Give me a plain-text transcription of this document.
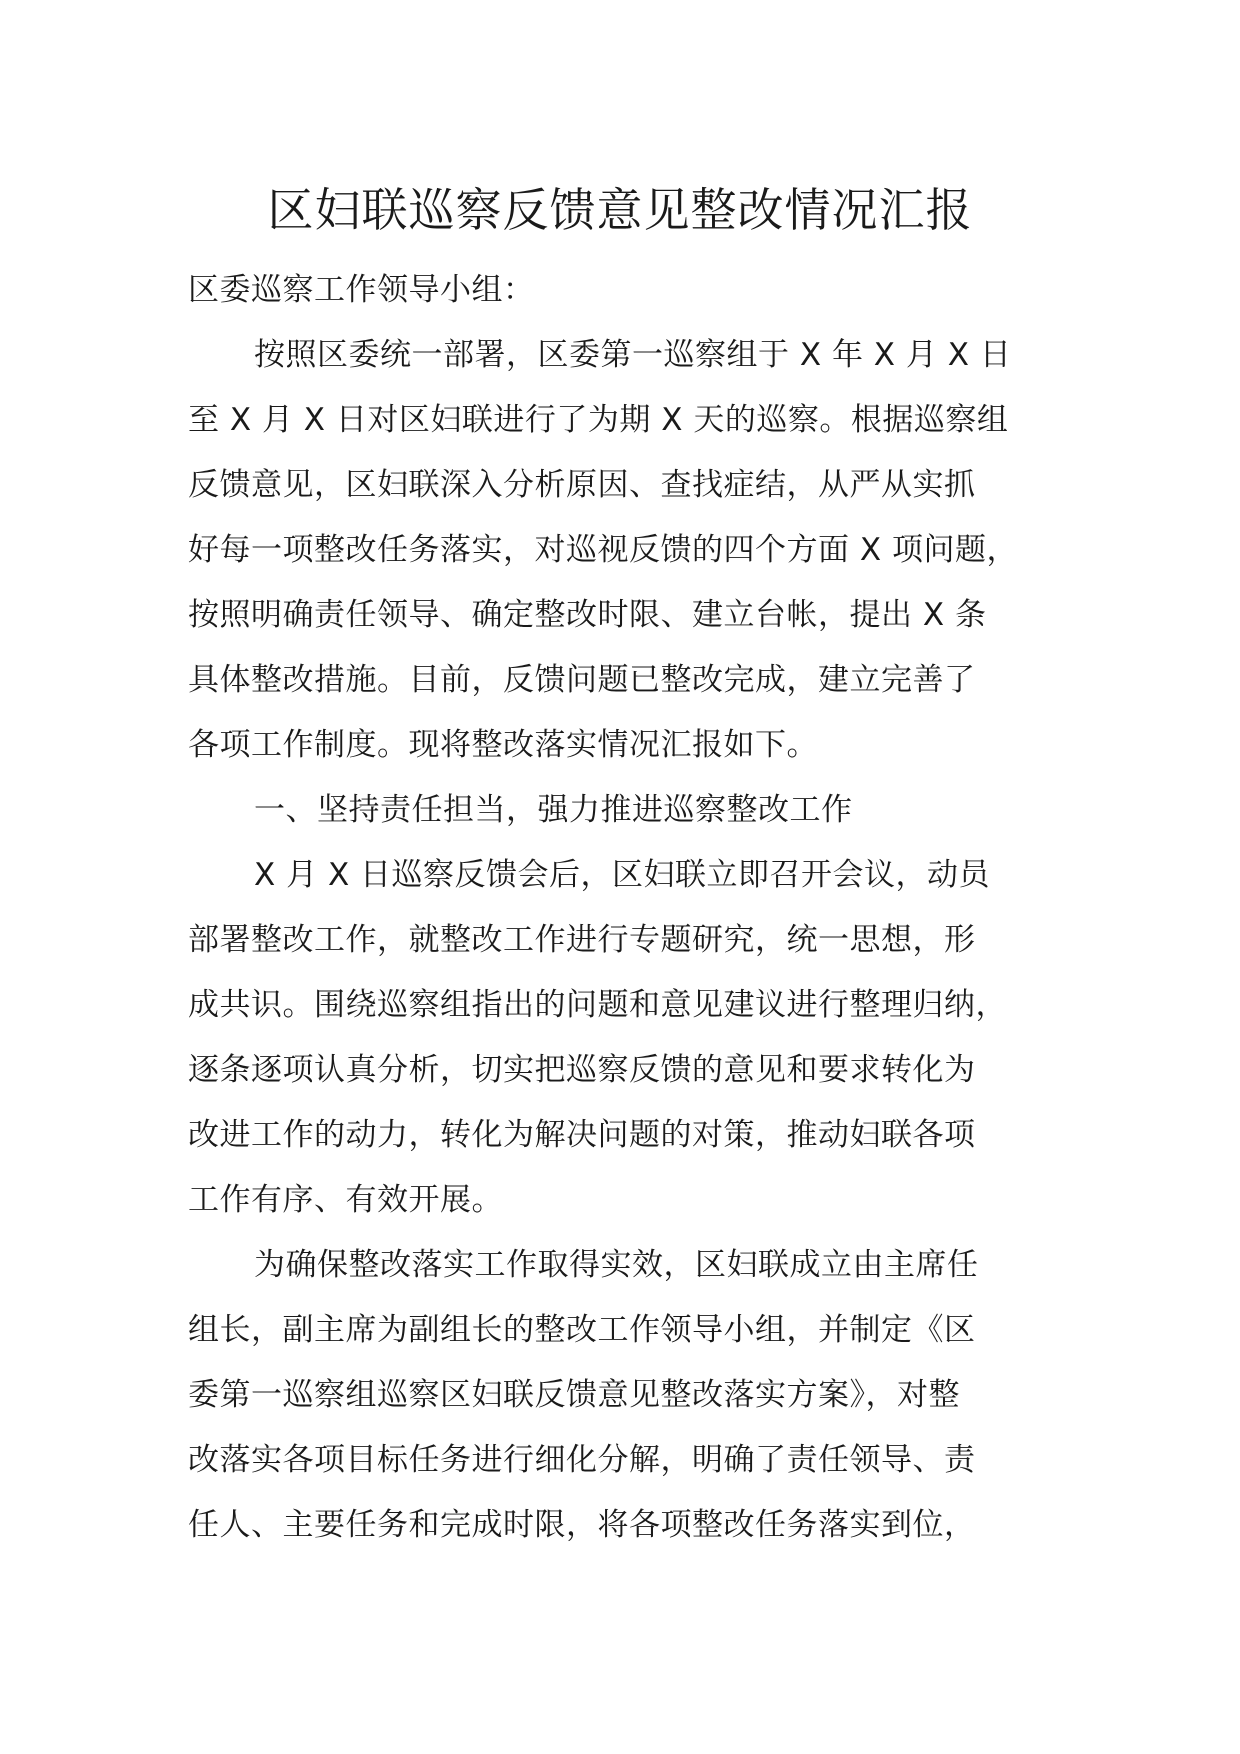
区妇联巡察反馈意见整改情况汇报
区委巡察工作领导小组：
按照区委统一部署，区委第一巡察组于 X 年 X 月 X 日
至 X 月 X 日对区妇联进行了为期 X 天的巡察。根据巡察组
反馈意见，区妇联深入分析原因、查找症结，从严从实抓
好每一项整改任务落实，对巡视反馈的四个方面 X 项问题，
按照明确责任领导、确定整改时限、建立台帐，提出 X 条
具体整改措施。目前，反馈问题已整改完成，建立完善了
各项工作制度。现将整改落实情况汇报如下。
一、坚持责任担当，强力推进巡察整改工作
X 月 X 日巡察反馈会后，区妇联立即召开会议，动员
部署整改工作，就整改工作进行专题研究，统一思想，形
成共识。围绕巡察组指出的问题和意见建议进行整理归纳，
逐条逐项认真分析，切实把巡察反馈的意见和要求转化为
改进工作的动力，转化为解决问题的对策，推动妇联各项
工作有序、有效开展。
为确保整改落实工作取得实效，区妇联成立由主席任
组长，副主席为副组长的整改工作领导小组，并制定《区
委第一巡察组巡察区妇联反馈意见整改落实方案》，对整
改落实各项目标任务进行细化分解，明确了责任领导、责
任人、主要任务和完成时限，将各项整改任务落实到位，
